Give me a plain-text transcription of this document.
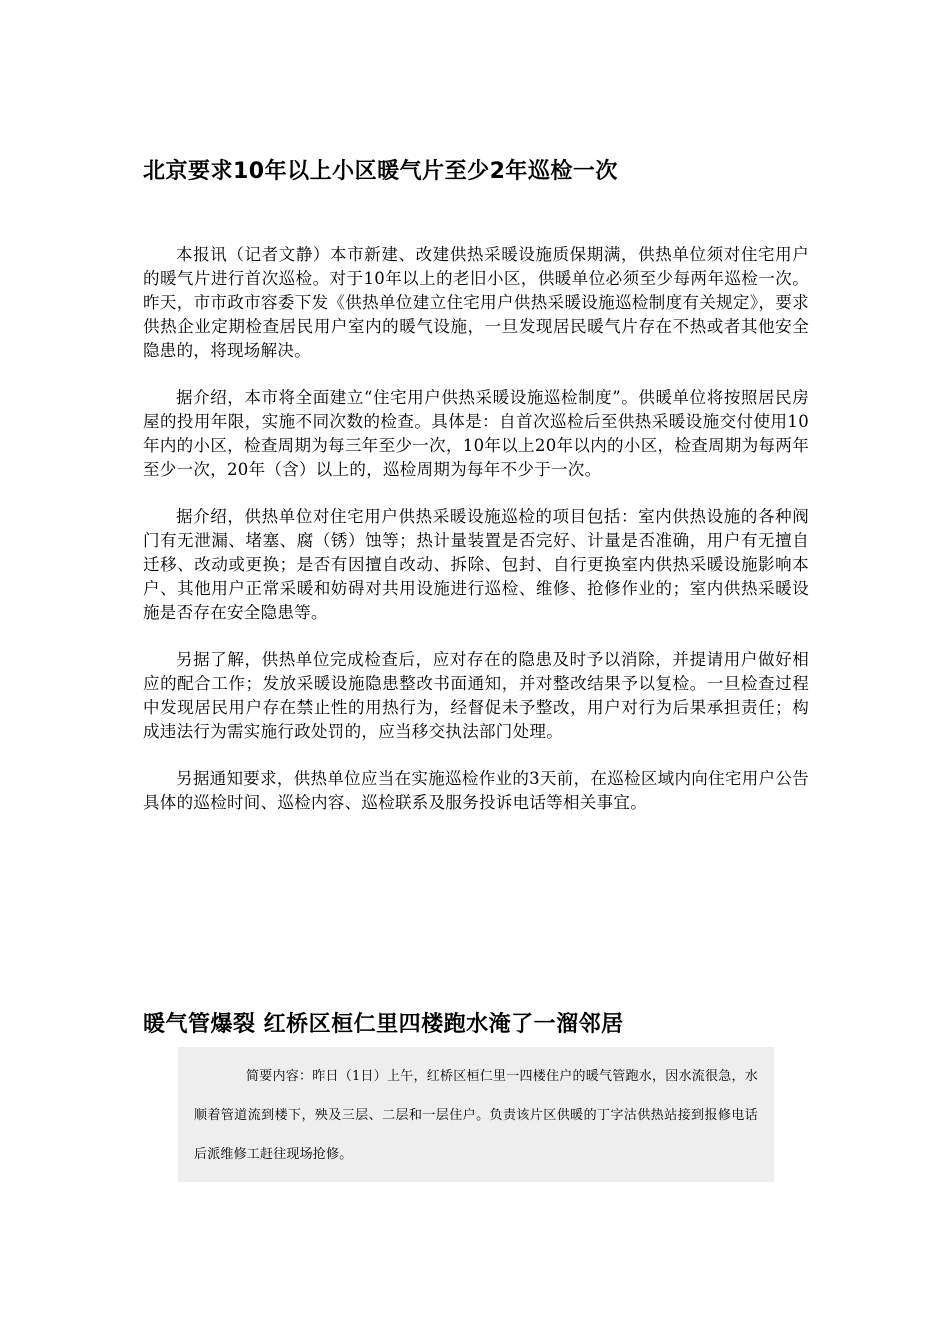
北京要求10年以上小区暖气片至少2年巡检一次

本报讯（记者文静）本市新建、改建供热采暖设施质保期满，供热单位须对住宅用户的暖气片进行首次巡检。对于10年以上的老旧小区，供暖单位必须至少每两年巡检一次。昨天，市市政市容委下发《供热单位建立住宅用户供热采暖设施巡检制度有关规定》，要求供热企业定期检查居民用户室内的暖气设施，一旦发现居民暖气片存在不热或者其他安全隐患的，将现场解决。

据介绍，本市将全面建立“住宅用户供热采暖设施巡检制度”。供暖单位将按照居民房屋的投用年限，实施不同次数的检查。具体是：自首次巡检后至供热采暖设施交付使用10年内的小区，检查周期为每三年至少一次，10年以上20年以内的小区，检查周期为每两年至少一次，20年（含）以上的，巡检周期为每年不少于一次。

据介绍，供热单位对住宅用户供热采暖设施巡检的项目包括：室内供热设施的各种阀门有无泄漏、堵塞、腐（锈）蚀等；热计量装置是否完好、计量是否准确，用户有无擅自迁移、改动或更换；是否有因擅自改动、拆除、包封、自行更换室内供热采暖设施影响本户、其他用户正常采暖和妨碍对共用设施进行巡检、维修、抢修作业的；室内供热采暖设施是否存在安全隐患等。

另据了解，供热单位完成检查后，应对存在的隐患及时予以消除，并提请用户做好相应的配合工作；发放采暖设施隐患整改书面通知，并对整改结果予以复检。一旦检查过程中发现居民用户存在禁止性的用热行为，经督促未予整改，用户对行为后果承担责任；构成违法行为需实施行政处罚的，应当移交执法部门处理。

另据通知要求，供热单位应当在实施巡检作业的3天前，在巡检区域内向住宅用户公告具体的巡检时间、巡检内容、巡检联系及服务投诉电话等相关事宜。

暖气管爆裂 红桥区桓仁里四楼跑水淹了一溜邻居

简要内容：昨日（1日）上午，红桥区桓仁里一四楼住户的暖气管跑水，因水流很急，水顺着管道流到楼下，殃及三层、二层和一层住户。负责该片区供暖的丁字沽供热站接到报修电话后派维修工赶往现场抢修。
